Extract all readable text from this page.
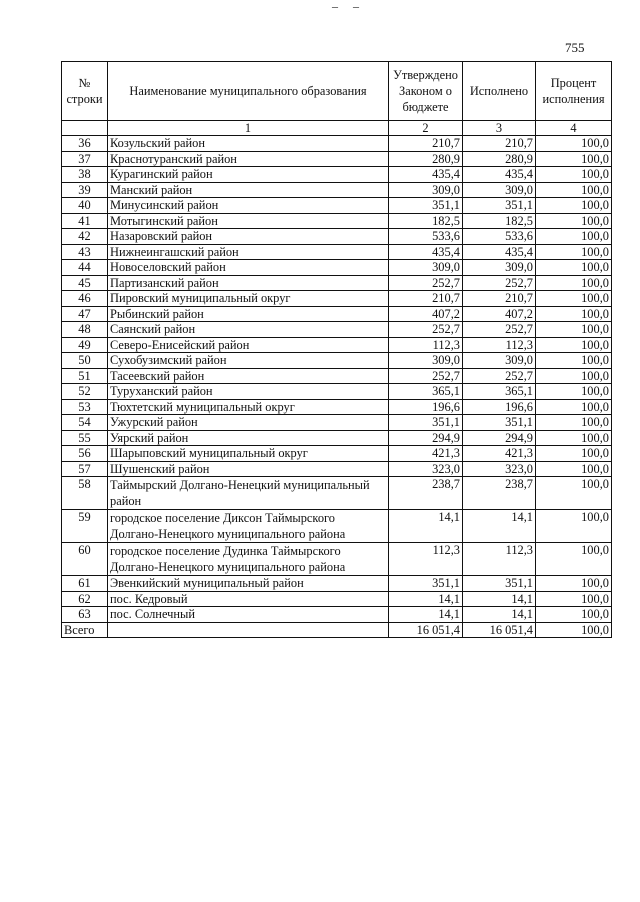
– –
755
№ строки	Наименование муниципального образования	Утверждено Законом о бюджете	Исполнено	Процент исполнения
	1	2	3	4
36	Козульский район	210,7	210,7	100,0
37	Краснотуранский район	280,9	280,9	100,0
38	Курагинский район	435,4	435,4	100,0
39	Манский район	309,0	309,0	100,0
40	Минусинский район	351,1	351,1	100,0
41	Мотыгинский район	182,5	182,5	100,0
42	Назаровский район	533,6	533,6	100,0
43	Нижнеингашский район	435,4	435,4	100,0
44	Новоселовский район	309,0	309,0	100,0
45	Партизанский район	252,7	252,7	100,0
46	Пировский муниципальный округ	210,7	210,7	100,0
47	Рыбинский район	407,2	407,2	100,0
48	Саянский район	252,7	252,7	100,0
49	Северо-Енисейский район	112,3	112,3	100,0
50	Сухобузимский район	309,0	309,0	100,0
51	Тасеевский район	252,7	252,7	100,0
52	Туруханский район	365,1	365,1	100,0
53	Тюхтетский муниципальный округ	196,6	196,6	100,0
54	Ужурский район	351,1	351,1	100,0
55	Уярский район	294,9	294,9	100,0
56	Шарыповский муниципальный округ	421,3	421,3	100,0
57	Шушенский район	323,0	323,0	100,0
58	Таймырский Долгано-Ненецкий муниципальный район	238,7	238,7	100,0
59	городское поселение Диксон Таймырского Долгано-Ненецкого муниципального района	14,1	14,1	100,0
60	городское поселение Дудинка Таймырского Долгано-Ненецкого муниципального района	112,3	112,3	100,0
61	Эвенкийский муниципальный район	351,1	351,1	100,0
62	пос. Кедровый	14,1	14,1	100,0
63	пос. Солнечный	14,1	14,1	100,0
Всего		16 051,4	16 051,4	100,0
